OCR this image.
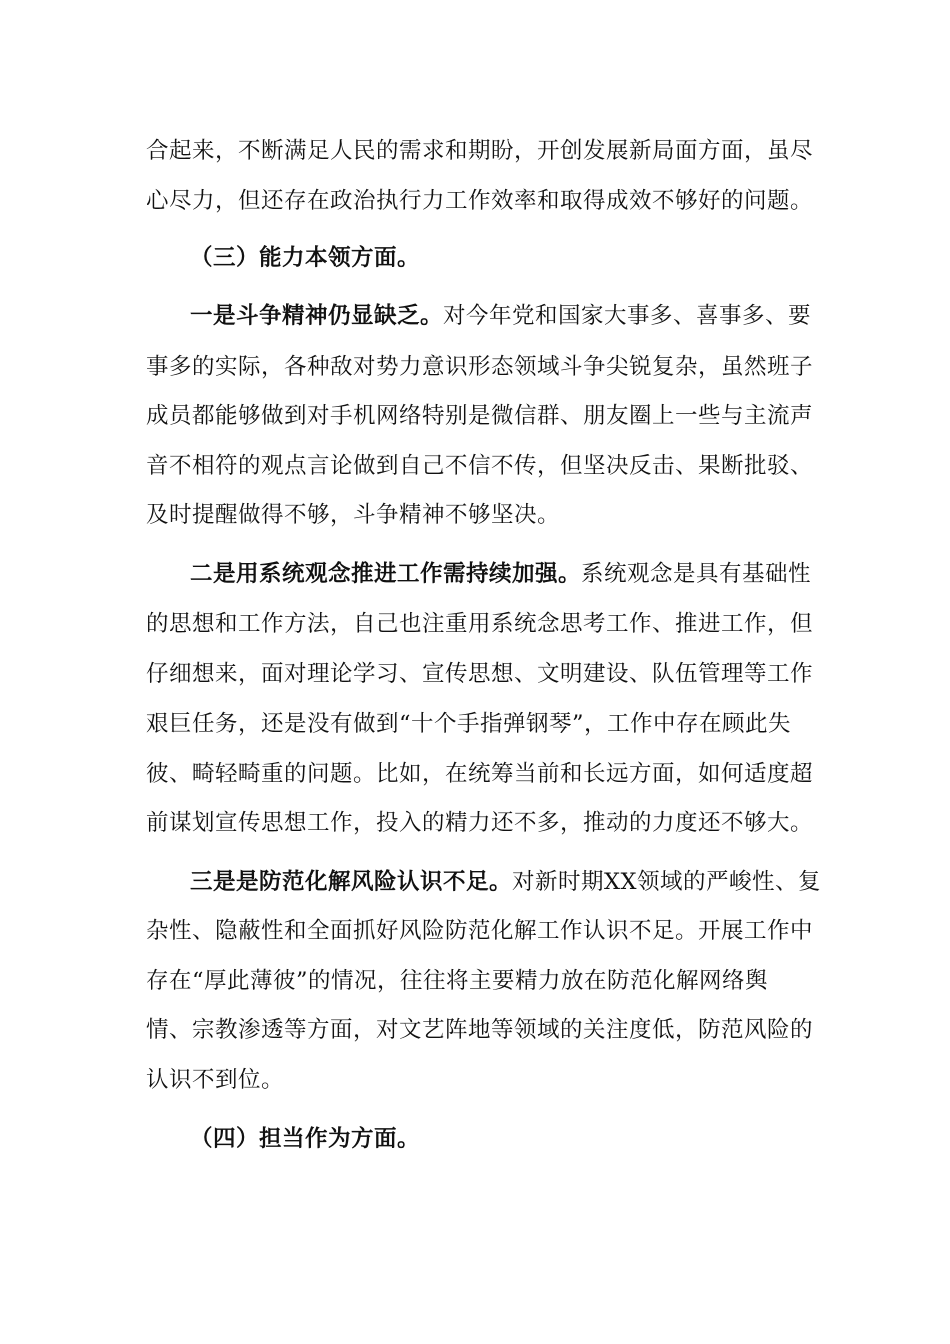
合起来，不断满足人民的需求和期盼，开创发展新局面方面，虽尽
心尽力，但还存在政治执行力工作效率和取得成效不够好的问题。
（三）能力本领方面。
一是斗争精神仍显缺乏。对今年党和国家大事多、喜事多、要
事多的实际，各种敌对势力意识形态领域斗争尖锐复杂，虽然班子
成员都能够做到对手机网络特别是微信群、朋友圈上一些与主流声
音不相符的观点言论做到自己不信不传，但坚决反击、果断批驳、
及时提醒做得不够，斗争精神不够坚决。
二是用系统观念推进工作需持续加强。系统观念是具有基础性
的思想和工作方法，自己也注重用系统念思考工作、推进工作，但
仔细想来，面对理论学习、宣传思想、文明建设、队伍管理等工作
艰巨任务，还是没有做到“十个手指弹钢琴”，工作中存在顾此失
彼、畸轻畸重的问题。比如，在统筹当前和长远方面，如何适度超
前谋划宣传思想工作，投入的精力还不多，推动的力度还不够大。
三是是防范化解风险认识不足。对新时期XX领域的严峻性、复
杂性、隐蔽性和全面抓好风险防范化解工作认识不足。开展工作中
存在“厚此薄彼”的情况，往往将主要精力放在防范化解网络舆
情、宗教渗透等方面，对文艺阵地等领域的关注度低，防范风险的
认识不到位。
（四）担当作为方面。
